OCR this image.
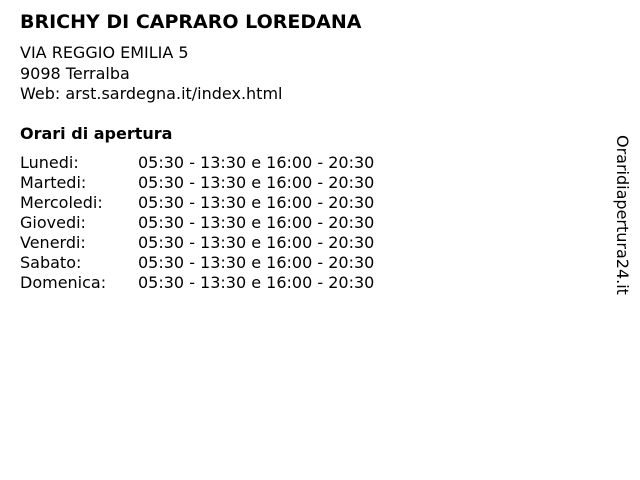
BRICHY DI CAPRARO LOREDANA
VIA REGGIO EMILIA 5
9098 Terralba
Web: arst.sardegna.it/index.html
Orari di apertura
Lunedi:	05:30 - 13:30 e 16:00 - 20:30
Martedi:	05:30 - 13:30 e 16:00 - 20:30
Mercoledi:	05:30 - 13:30 e 16:00 - 20:30
Giovedi:	05:30 - 13:30 e 16:00 - 20:30
Venerdi:	05:30 - 13:30 e 16:00 - 20:30
Sabato:	05:30 - 13:30 e 16:00 - 20:30
Domenica:	05:30 - 13:30 e 16:00 - 20:30	Oraridiapertura24.it
